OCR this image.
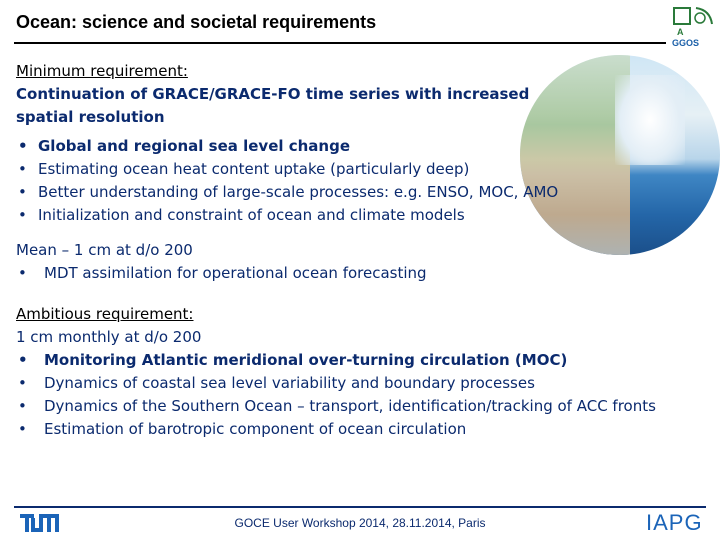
Ocean: science and societal requirements	A
GGOS

Minimum requirement:

Continuation of GRACE/GRACE-FO time series with increased

spatial resolution

• Global and regional sea level change
• Estimating ocean heat content uptake (particularly deep)
• Better understanding of large-scale processes: e.g. ENSO, MOC, AMO
• Initialization and constraint of ocean and climate models

Mean – 1 cm at d/o 200

• MDT assimilation for operational ocean forecasting

Ambitious requirement:

1 cm monthly at d/o 200

• Monitoring Atlantic meridional over-turning circulation (MOC)
• Dynamics of coastal sea level variability and boundary processes
• Dynamics of the Southern Ocean – transport, identification/tracking of ACC fronts
• Estimation of barotropic component of ocean circulation
GOCE User Workshop 2014, 28.11.2014, Paris	IAPG
